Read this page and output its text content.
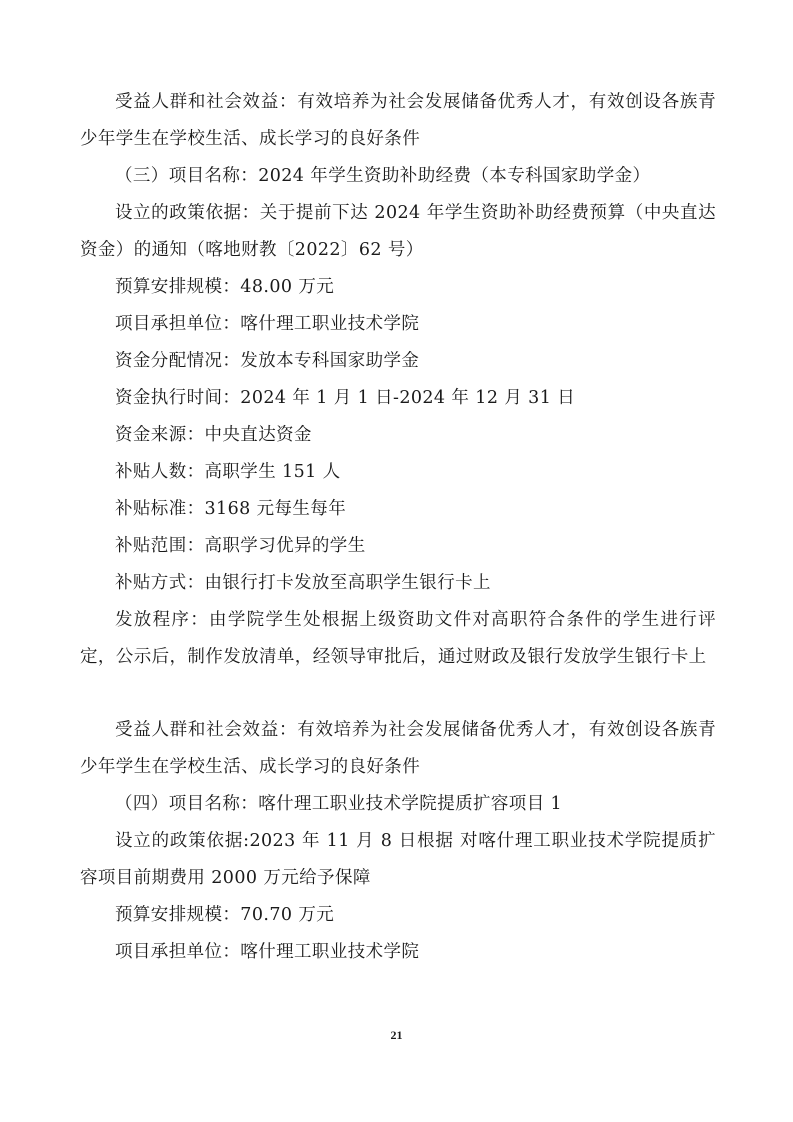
受益人群和社会效益：有效培养为社会发展储备优秀人才，有效创设各族青少年学生在学校生活、成长学习的良好条件

（三）项目名称：2024 年学生资助补助经费（本专科国家助学金）

设立的政策依据：关于提前下达 2024 年学生资助补助经费预算（中央直达资金）的通知（喀地财教〔2022〕62 号）

预算安排规模：48.00 万元

项目承担单位：喀什理工职业技术学院

资金分配情况：发放本专科国家助学金

资金执行时间：2024 年 1 月 1 日-2024 年 12 月 31 日

资金来源：中央直达资金

补贴人数：高职学生 151 人

补贴标准：3168 元每生每年

补贴范围：高职学习优异的学生

补贴方式：由银行打卡发放至高职学生银行卡上

发放程序：由学院学生处根据上级资助文件对高职符合条件的学生进行评定，公示后，制作发放清单，经领导审批后，通过财政及银行发放学生银行卡上

受益人群和社会效益：有效培养为社会发展储备优秀人才，有效创设各族青少年学生在学校生活、成长学习的良好条件

（四）项目名称：喀什理工职业技术学院提质扩容项目 1

设立的政策依据:2023 年 11 月 8 日根据 对喀什理工职业技术学院提质扩容项目前期费用 2000 万元给予保障

预算安排规模：70.70 万元

项目承担单位：喀什理工职业技术学院

21
